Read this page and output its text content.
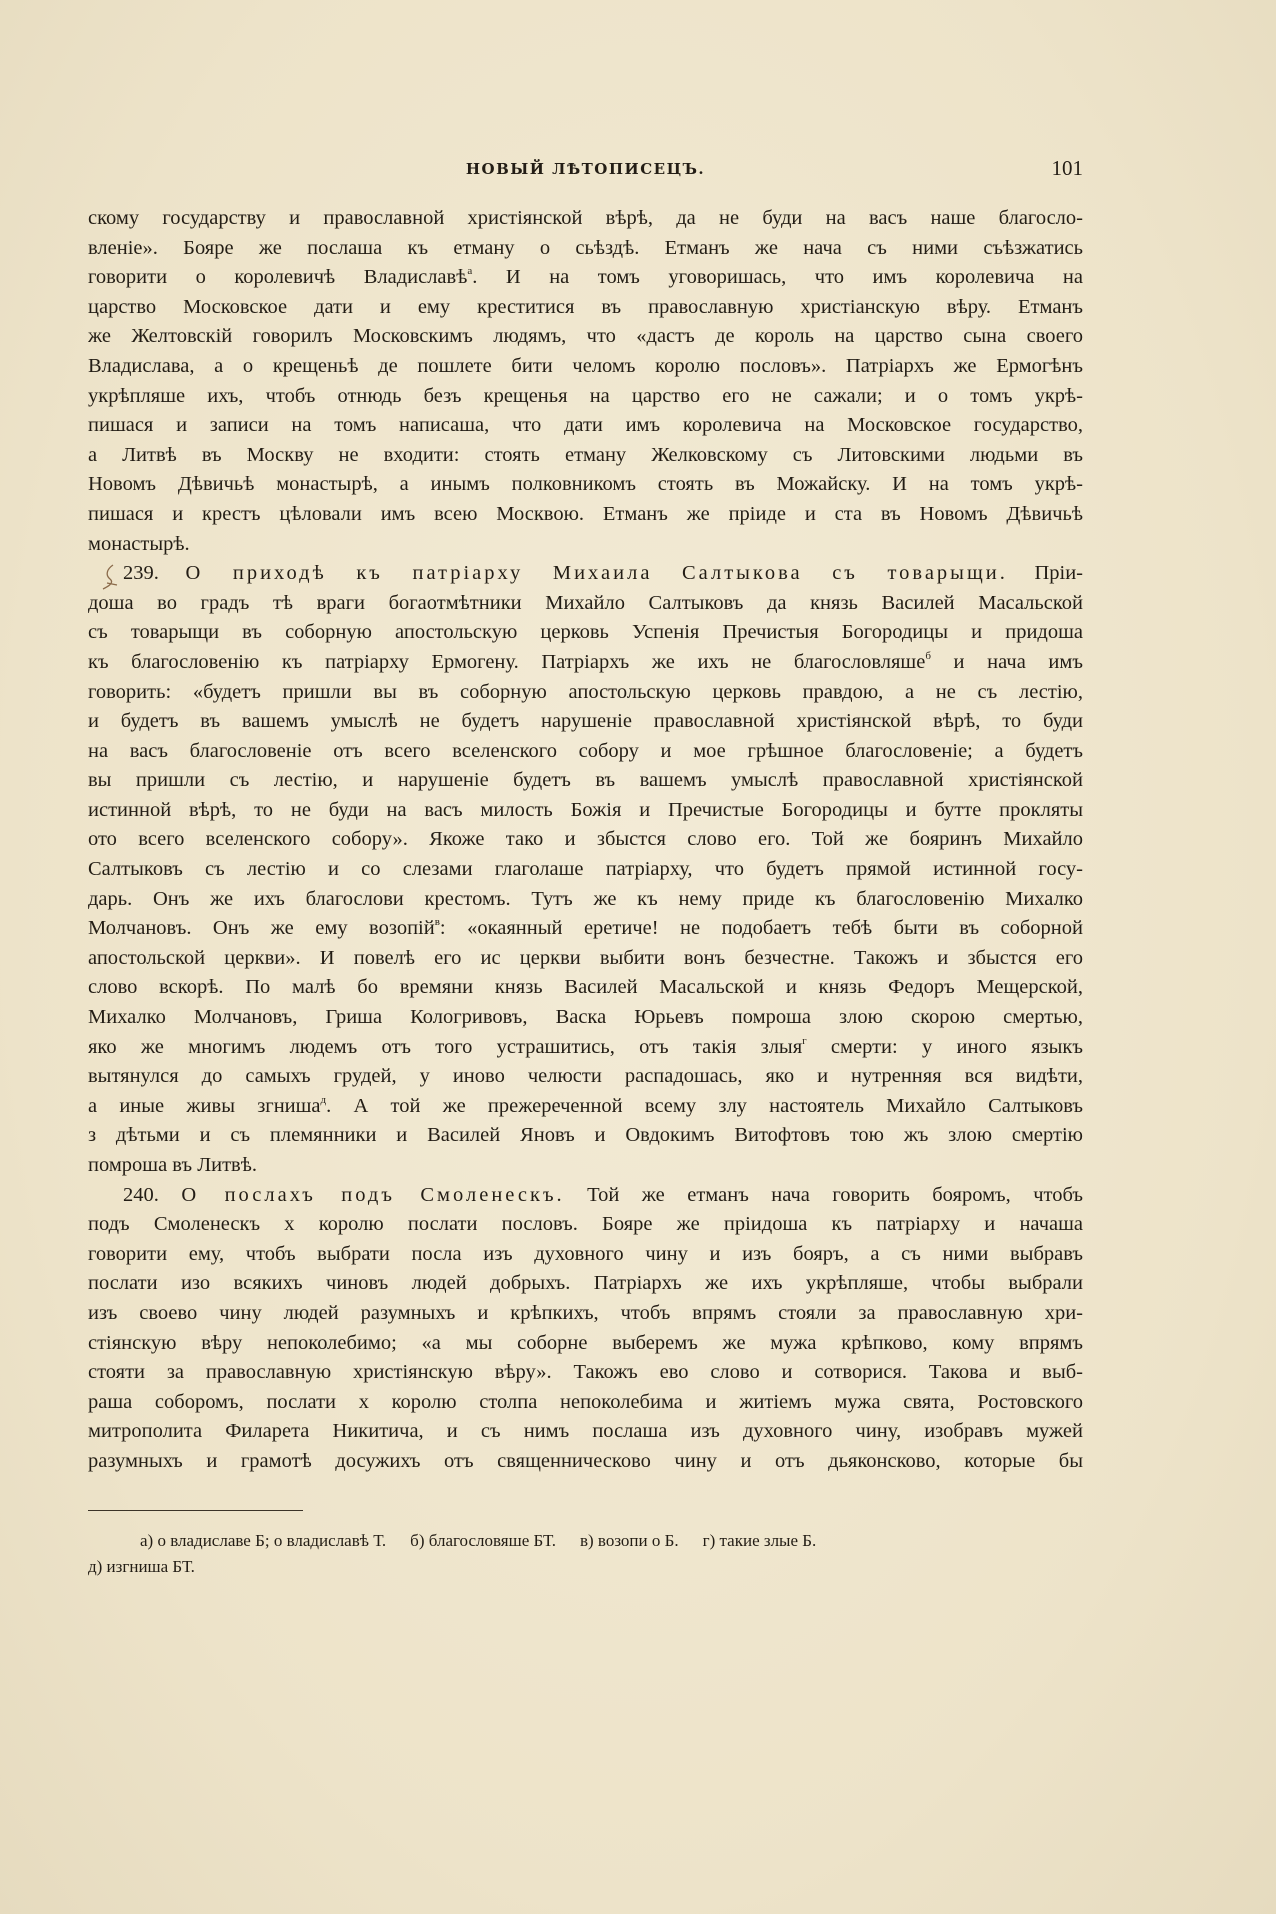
НОВЫЙ ЛѢТОПИСЕЦЪ.	101
скому государству и православной христіянской вѣрѣ, да не буди на васъ наше благосло-
вленіе». Бояре же послаша къ етману о сьѣздѣ. Етманъ же нача съ ними съѣзжатись
говорити о королевичѣ Владиславѣ$^а$. И на томъ уговоришась, что имъ королевича на
царство Московское дати и ему креститися въ православную христіанскую вѣру. Етманъ
же Желтовскій говорилъ Московскимъ людямъ, что «дастъ де король на царство сына своего
Владислава, а о крещеньѣ де пошлете бити челомъ королю пословъ». Патріархъ же Ермогѣнъ
укрѣпляше ихъ, чтобъ отнюдь безъ крещенья на царство его не сажали; и о томъ укрѣ-
пишася и записи на томъ написаша, что дати имъ королевича на Московское государство,
а Литвѣ въ Москву не входити: стоять етману Желковскому съ Литовскими людьми въ
Новомъ Дѣвичьѣ монастырѣ, а инымъ полковникомъ стоять въ Можайску. И на томъ укрѣ-
пишася и крестъ цѣловали имъ всею Москвою. Етманъ же пріиде и ста въ Новомъ Дѣвичьѣ
монастырѣ.
239. О приходѣ къ патріарху Михаила Салтыкова съ товарыщи. Пріи-
доша во градъ тѣ враги богаотмѣтники Михайло Салтыковъ да князь Василей Масальской
съ товарыщи въ соборную апостольскую церковь Успенія Пречистыя Богородицы и придоша
къ благословенію къ патріарху Ермогену. Патріархъ же ихъ не благословляше$^б$ и нача имъ
говорить: «будетъ пришли вы въ соборную апостольскую церковь правдою, а не съ лестію,
и будетъ въ вашемъ умыслѣ не будетъ нарушеніе православной христіянской вѣрѣ, то буди
на васъ благословеніе отъ всего вселенского собору и мое грѣшное благословеніе; а будетъ
вы пришли съ лестію, и нарушеніе будетъ въ вашемъ умыслѣ православной христіянской
истинной вѣрѣ, то не буди на васъ милость Божія и Пречистые Богородицы и бутте прокляты
ото всего вселенского собору». Якоже тако и збыстся слово его. Той же бояринъ Михайло
Салтыковъ съ лестію и со слезами глаголаше патріарху, что будетъ прямой истинной госу-
дарь. Онъ же ихъ благослови крестомъ. Тутъ же къ нему приде къ благословенію Михалко
Молчановъ. Онъ же ему возопій$^в$: «окаянный еретиче! не подобаетъ тебѣ быти въ соборной
апостольской церкви». И повелѣ его ис церкви выбити вонъ безчестне. Такожъ и збыстся его
слово вскорѣ. По малѣ бо времяни князь Василей Масальской и князь Федоръ Мещерской,
Михалко Молчановъ, Гриша Кологривовъ, Васка Юрьевъ помроша злою скорою смертью,
яко же многимъ людемъ отъ того устрашитись, отъ такія злыя$^г$ смерти: у иного языкъ
вытянулся до самыхъ грудей, у иново челюсти распадошась, яко и нутренняя вся видѣти,
а иные живы згниша$^д$. А той же прежереченной всему злу настоятель Михайло Салтыковъ
з дѣтьми и съ племянники и Василей Яновъ и Овдокимъ Витофтовъ тою жъ злою смертію
помроша въ Литвѣ.
240. О послахъ подъ Смоленескъ. Той же етманъ нача говорить бояромъ, чтобъ
подъ Смоленескъ х королю послати пословъ. Бояре же пріидоша къ патріарху и начаша
говорити ему, чтобъ выбрати посла изъ духовного чину и изъ бояръ, а съ ними выбравъ
послати изо всякихъ чиновъ людей добрыхъ. Патріархъ же ихъ укрѣпляше, чтобы выбрали
изъ своево чину людей разумныхъ и крѣпкихъ, чтобъ впрямъ стояли за православную хри-
стіянскую вѣру непоколебимо; «а мы соборне выберемъ же мужа крѣпково, кому впрямъ
стояти за православную христіянскую вѣру». Такожъ ево слово и сотворися. Такова и выб-
раша соборомъ, послати х королю столпа непоколебима и житіемъ мужа свята, Ростовского
митрополита Филарета Никитича, и съ нимъ послаша изъ духовного чину, изобравъ мужей
разумныхъ и грамотѣ досужихъ отъ священническово чину и отъ дьяконсково, которые бы
а) о владиславе Б; о владиславѣ Т. б) благословяше БТ. в) возопи о Б. г) такие злые Б.
д) изгниша БТ.
